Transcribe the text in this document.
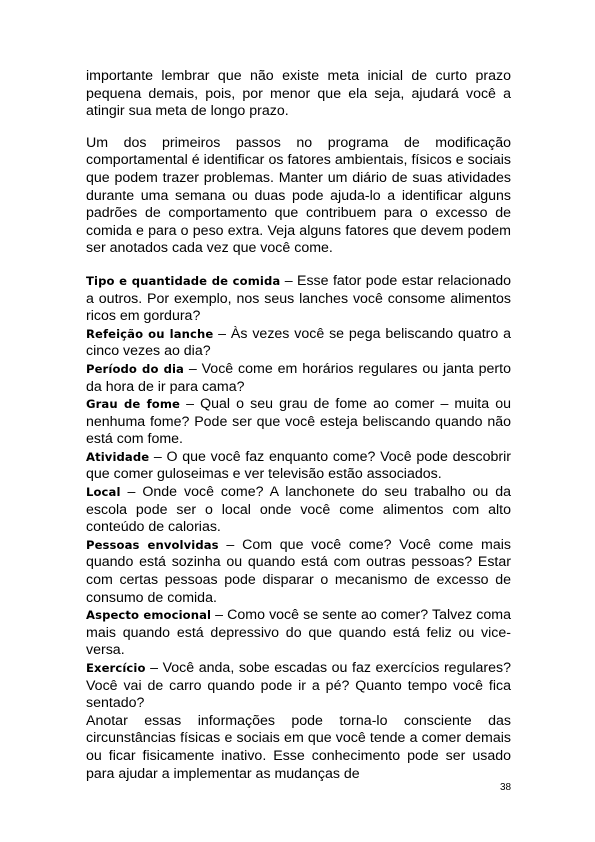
importante lembrar que não existe meta inicial de curto prazo pequena demais, pois, por menor que ela seja, ajudará você a atingir sua meta de longo prazo.

Um dos primeiros passos no programa de modificação comportamental é identificar os fatores ambientais, físicos e sociais que podem trazer problemas. Manter um diário de suas atividades durante uma semana ou duas pode ajuda-lo a identificar alguns padrões de comportamento que contribuem para o excesso de comida e para o peso extra. Veja alguns fatores que devem podem ser anotados cada vez que você come.

Tipo e quantidade de comida – Esse fator pode estar relacionado a outros. Por exemplo, nos seus lanches você consome alimentos ricos em gordura?

Refeição ou lanche – Às vezes você se pega beliscando quatro a cinco vezes ao dia?

Período do dia – Você come em horários regulares ou janta perto da hora de ir para cama?

Grau de fome – Qual o seu grau de fome ao comer – muita ou nenhuma fome? Pode ser que você esteja beliscando quando não está com fome.

Atividade – O que você faz enquanto come? Você pode descobrir que comer guloseimas e ver televisão estão associados.

Local – Onde você come? A lanchonete do seu trabalho ou da escola pode ser o local onde você come alimentos com alto conteúdo de calorias.

Pessoas envolvidas – Com que você come? Você come mais quando está sozinha ou quando está com outras pessoas? Estar com certas pessoas pode disparar o mecanismo de excesso de consumo de comida.

Aspecto emocional – Como você se sente ao comer? Talvez coma mais quando está depressivo do que quando está feliz ou vice-versa.

Exercício – Você anda, sobe escadas ou faz exercícios regulares? Você vai de carro quando pode ir a pé? Quanto tempo você fica sentado?

Anotar essas informações pode torna-lo consciente das circunstâncias físicas e sociais em que você tende a comer demais ou ficar fisicamente inativo. Esse conhecimento pode ser usado para ajudar a implementar as mudanças de

38
